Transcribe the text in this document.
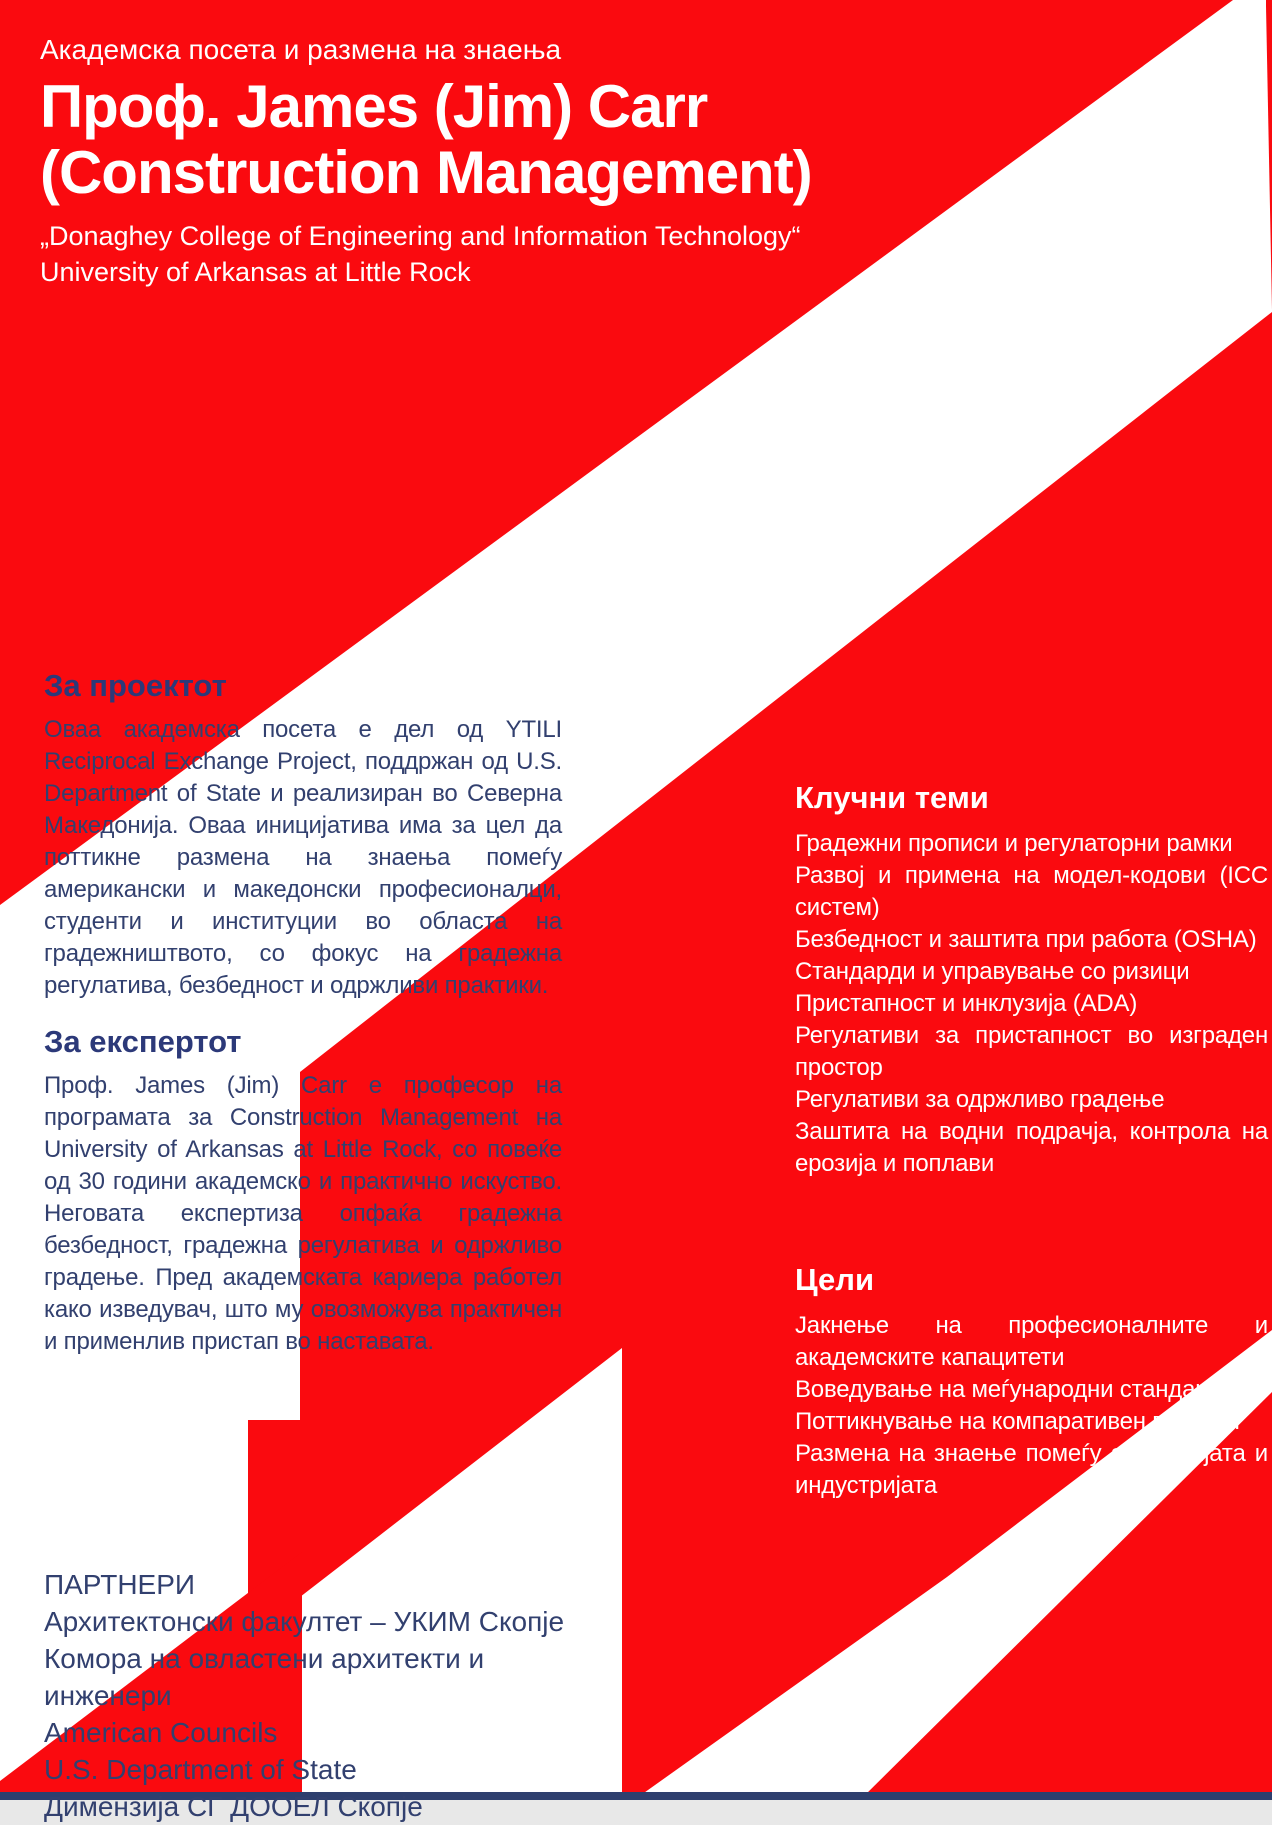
Академска посета и размена на знаења
Проф. James (Jim) Carr
(Construction Management)
„Donaghey College of Engineering and Information Technology“
University of Arkansas at Little Rock
За проектот
Оваа академска посета е дел од YTILI Reciprocal Exchange Project, поддржан од U.S. Department of State и реализиран во Северна Македонија. Оваа иницијатива има за цел да поттикне размена на знаења помеѓу американски и македонски професионалци, студенти и институции во областа на градежништвото, со фокус на градежна регулатива, безбедност и одржливи практики.
За експертот
Проф. James (Jim) Carr е професор на програмата за Construction Management на University of Arkansas at Little Rock, со повеќе од 30 години академско и практично искуство. Неговата експертиза опфаќа градежна безбедност, градежна регулатива и одржливо градење. Пред академската кариера работел како изведувач, што му овозможува практичен и применлив пристап во наставата.
Клучни теми
Градежни прописи и регулаторни рамки
Развој и примена на модел-кодови (ICC систем)
Безбедност и заштита при работа (OSHA)
Стандарди и управување со ризици
Пристапност и инклузија (ADA)
Регулативи за пристапност во изграден простор
Регулативи за одржливо градење
Заштита на водни подрачја, контрола на ерозија и поплави
Цели
Јакнење на професионалните и академските капацитети
Воведување на меѓународни стандарди
Поттикнување на компаративен пристап
Размена на знаење помеѓу академијата и индустријата
ПАРТНЕРИ
Архитектонски факултет – УКИМ Скопје
Комора на овластени архитекти и инженери
American Councils
U.S. Department of State
Димензија СГ ДООЕЛ Скопје
